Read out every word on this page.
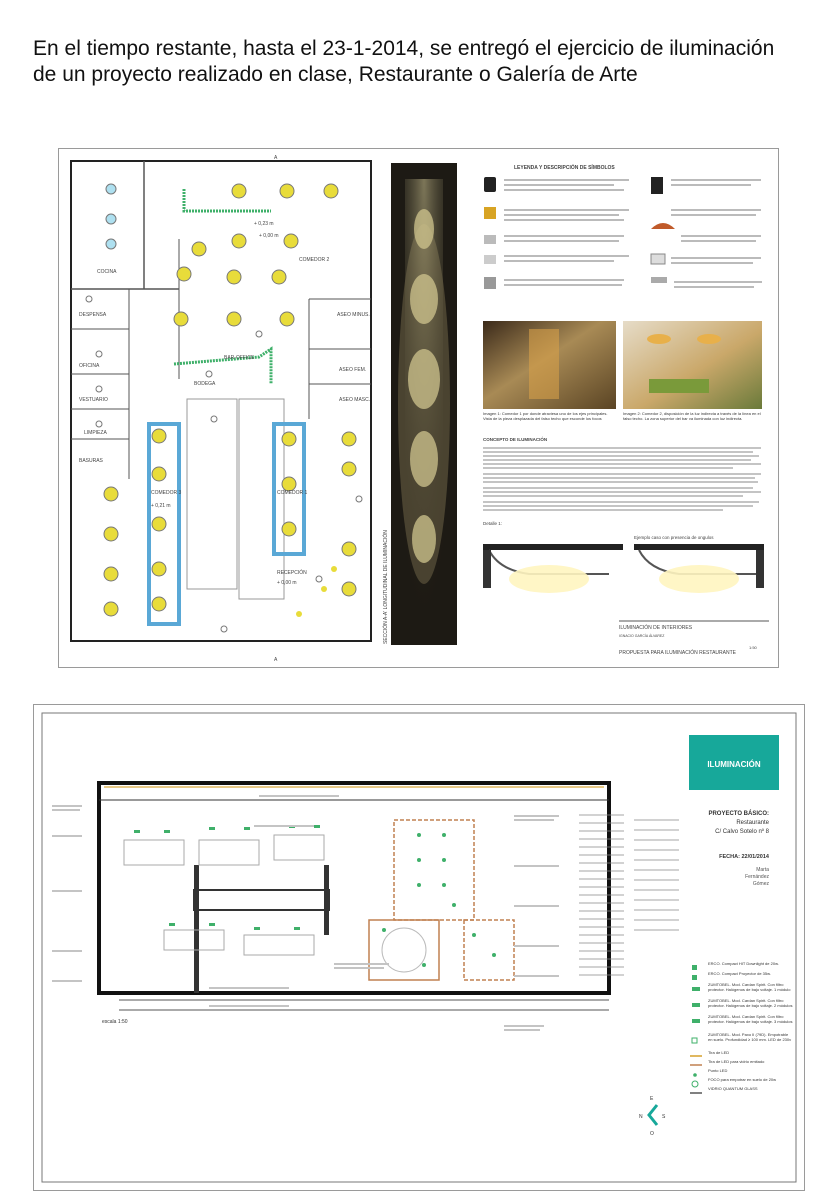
En el tiempo restante, hasta el 23-1-2014, se entregó el ejercicio de iluminación de un proyecto realizado en clase, Restaurante o Galería de Arte

COCINA
COMEDOR 2
COMEDOR 1
COMEDOR 3
DESPENSA
OFICINA
VESTUARIO
LIMPIEZA
BASURAS
BODEGA
BAR-OFFICE
RECEPCIÓN
ASEO MINUS.
ASEO FEM.
ASEO MASC.
+ 0,23 m
+ 0,00 m
+ 0,21 m
+ 0,00 m
A
A
SECCIÓN A-A' LONGITUDINAL DE ILUMINACIÓN
LEYENDA Y DESCRIPCIÓN DE SÍMBOLOS
Imagen 1: Comedor 1 por donde atraviesa uno de los ejes principales. Vista de la pieza desplazada del falso techo que esconde los focos
Imagen 2: Comedor 2, disposición de la luz indirecta a través de la línea en el falso techo. La zona superior del bar va iluminada con luz indirecta.
CONCEPTO DE ILUMINACIÓN
Detalle 1:
Ejemplo caso con presencia de ongulos
ILUMINACIÓN DE INTERIORES
IGNACIO GARCÍA ÁLVAREZ
PROPUESTA PARA ILUMINACIÓN RESTAURANTE
1:50
ILUMINACIÓN
PROYECTO BÁSICO:
Restaurante
C/ Calvo Sotelo nº 8
FECHA: 22/01/2014
Marta
Fernández
Gómez
ERCO. Compact HIT Downlight de 20w.
ERCO. Compact Proyector de 35w.
ZUMTOBEL. Mod. Cardan Spirit. Con filtro protector. Halógenos de bajo voltaje. 1 módulo
ZUMTOBEL. Mod. Cardan Spirit. Con filtro protector. Halógenos de bajo voltaje. 2 módulos
ZUMTOBEL. Mod. Cardan Spirit. Con filtro protector. Halógenos de bajo voltaje. 3 módulos
ZUMTOBEL. Mod. Paxo II (79D). Empotrable en suelo. Profundidad ≥ 100 mm. LED de 230v
Tira de LED
Tira de LED para vidrio emitado
Punto LED
FOCO para empotrar en suelo de 20w
VIDRIO QUANTUM GLASS
E
N	S
O
escala 1:50
